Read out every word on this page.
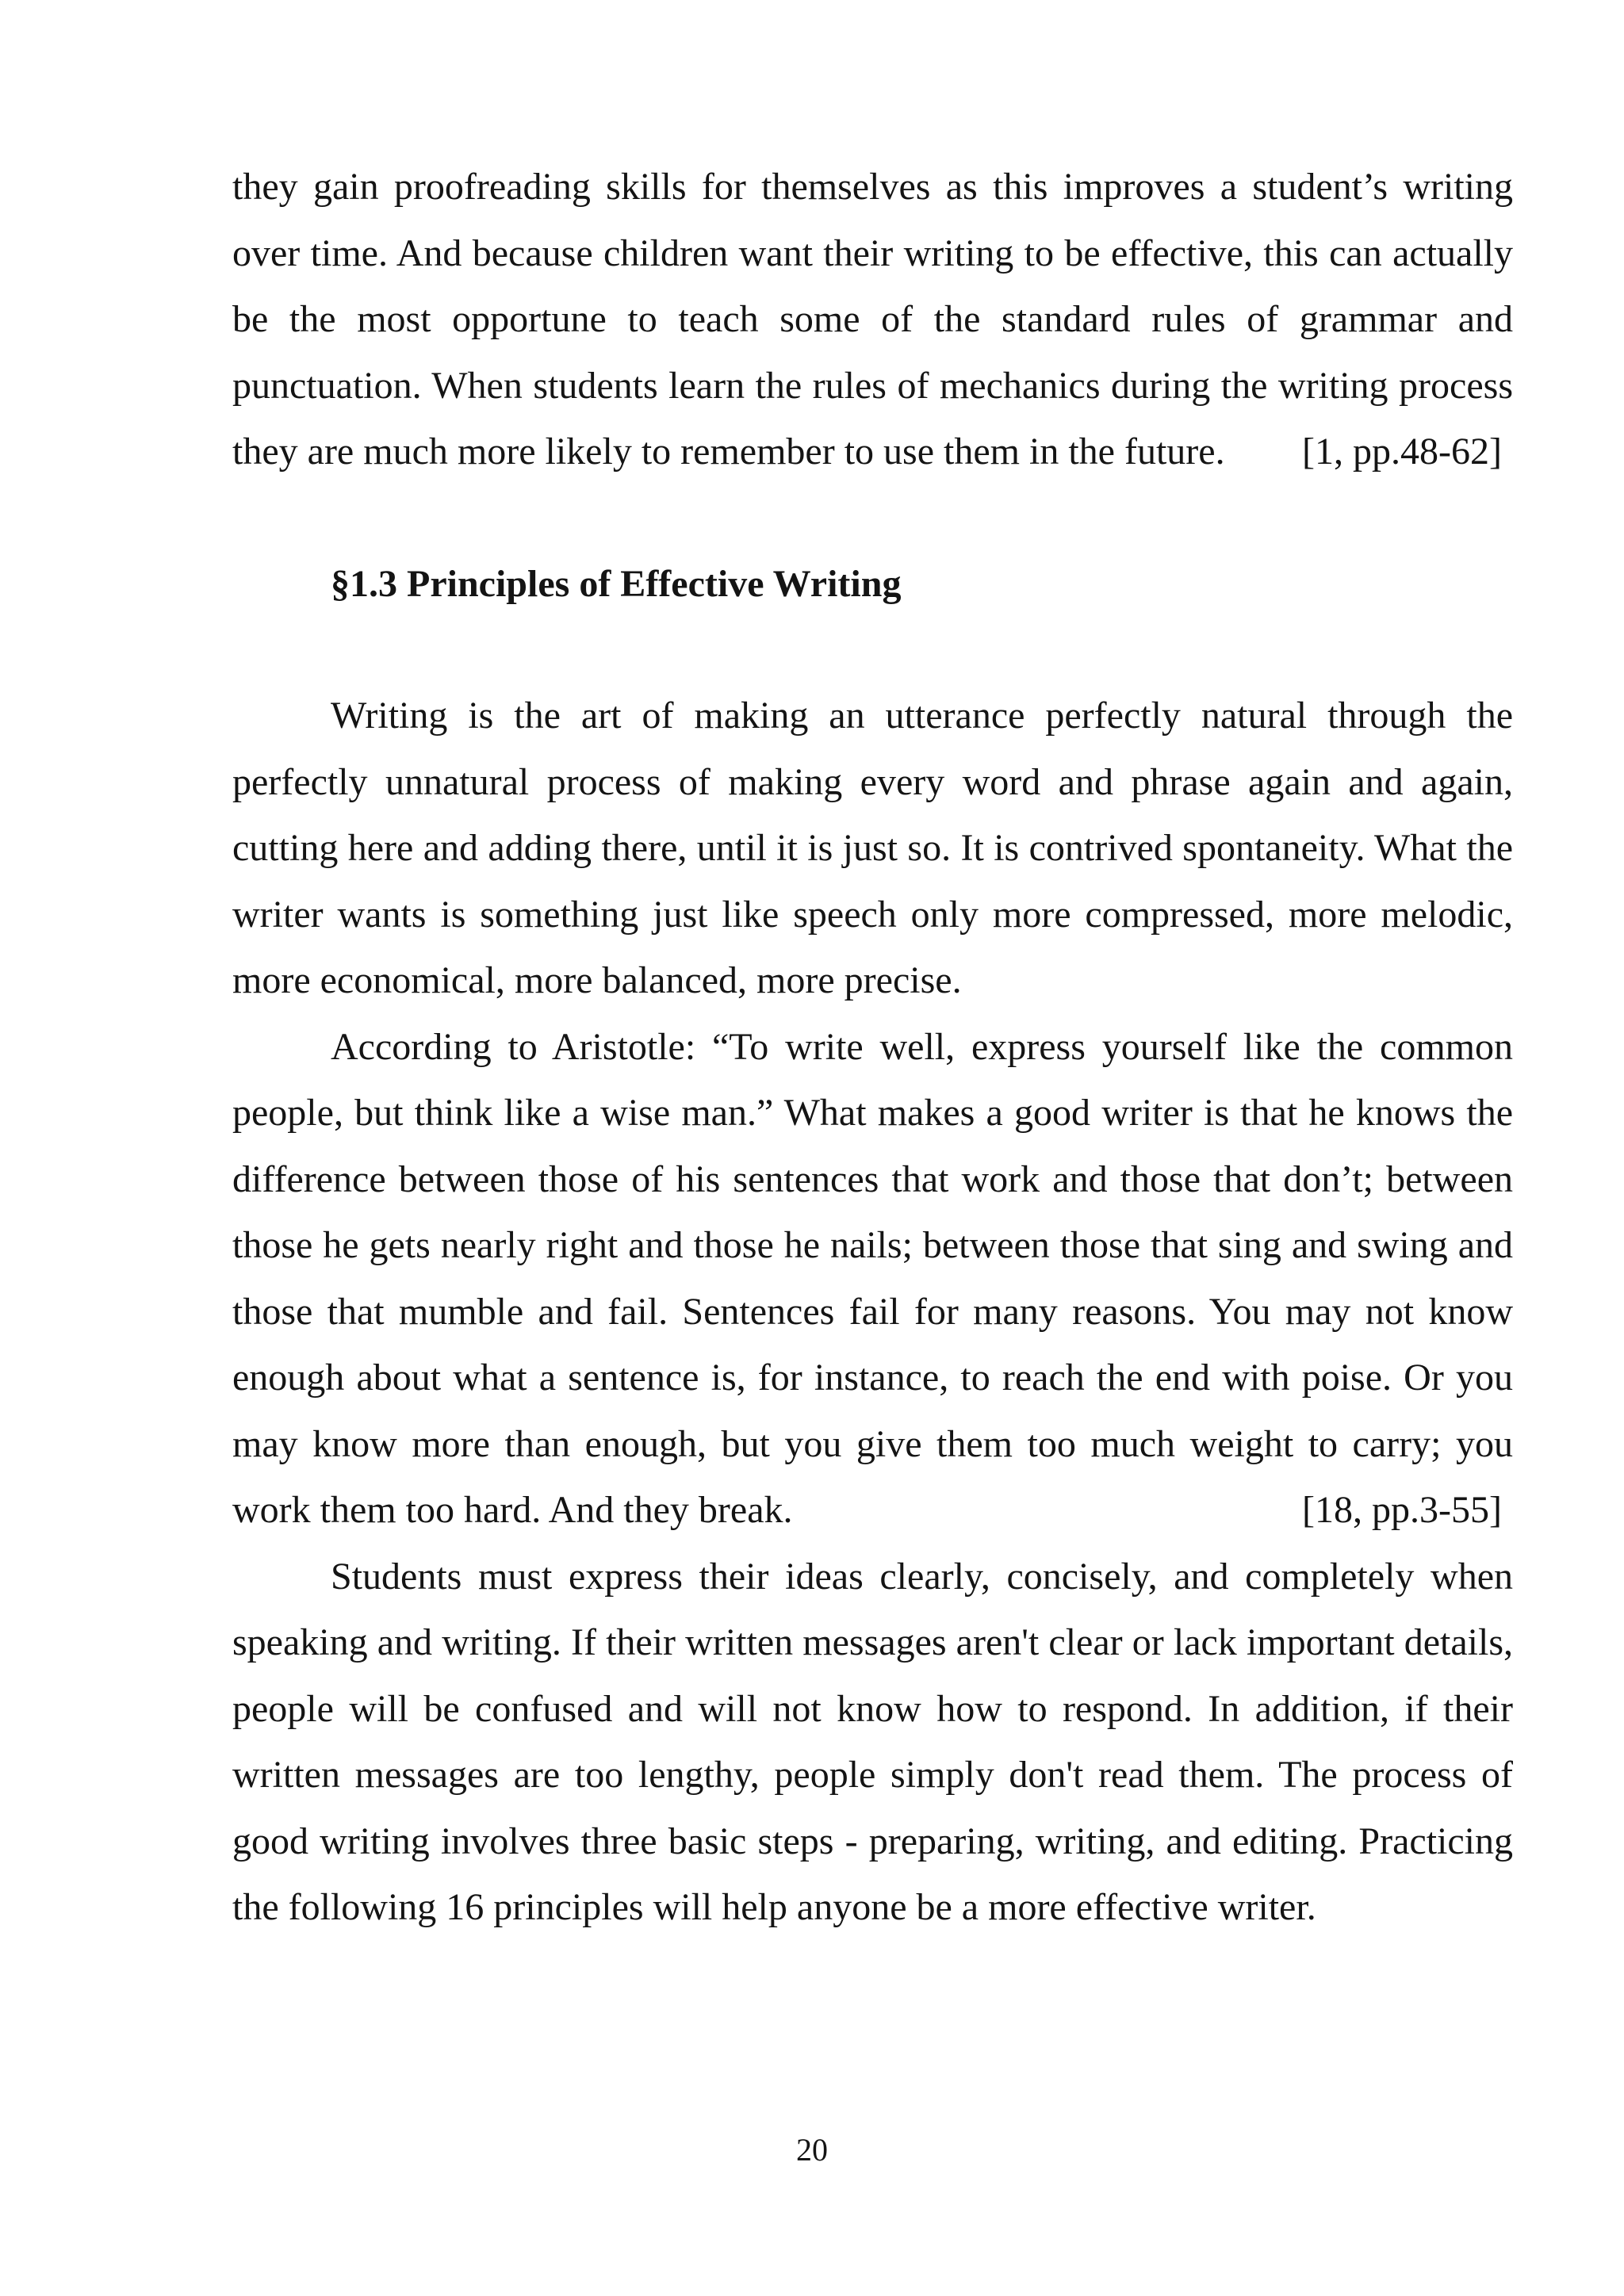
they gain proofreading skills for themselves as this improves a student’s writing over time. And because children want their writing to be effective, this can actually be the most opportune to teach some of the standard rules of grammar and punctuation. When students learn the rules of mechanics during the writing process they are much more likely to remember to use them in the future. [1, pp.48-62]

§1.3 Principles of Effective Writing

Writing is the art of making an utterance perfectly natural through the perfectly unnatural process of making every word and phrase again and again, cutting here and adding there, until it is just so. It is contrived spontaneity. What the writer wants is something just like speech only more compressed, more melodic, more economical, more balanced, more precise.

According to Aristotle: “To write well, express yourself like the common people, but think like a wise man.” What makes a good writer is that he knows the difference between those of his sentences that work and those that don’t; between those he gets nearly right and those he nails; between those that sing and swing and those that mumble and fail. Sentences fail for many reasons. You may not know enough about what a sentence is, for instance, to reach the end with poise. Or you may know more than enough, but you give them too much weight to carry; you work them too hard. And they break.	[18, pp.3-55]

Students must express their ideas clearly, concisely, and completely when speaking and writing. If their written messages aren't clear or lack important details, people will be confused and will not know how to respond. In addition, if their written messages are too lengthy, people simply don't read them. The process of good writing involves three basic steps - preparing, writing, and editing. Practicing the following 16 principles will help anyone be a more effective writer.

20
